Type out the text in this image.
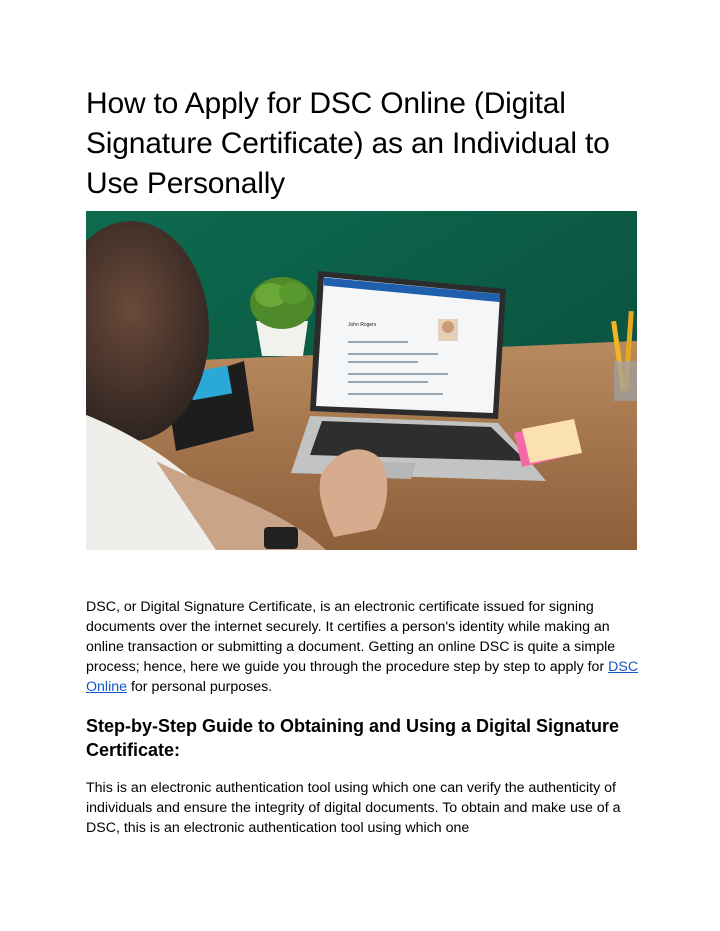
How to Apply for DSC Online (Digital Signature Certificate) as an Individual to Use Personally
John Rogers

DSC, or Digital Signature Certificate, is an electronic certificate issued for signing documents over the internet securely. It certifies a person's identity while making an online transaction or submitting a document. Getting an online DSC is quite a simple process; hence, here we guide you through the procedure step by step to apply for DSC Online for personal purposes.

Step-by-Step Guide to Obtaining and Using a Digital Signature Certificate:

This is an electronic authentication tool using which one can verify the authenticity of individuals and ensure the integrity of digital documents. To obtain and make use of a DSC, this is an electronic authentication tool using which one
